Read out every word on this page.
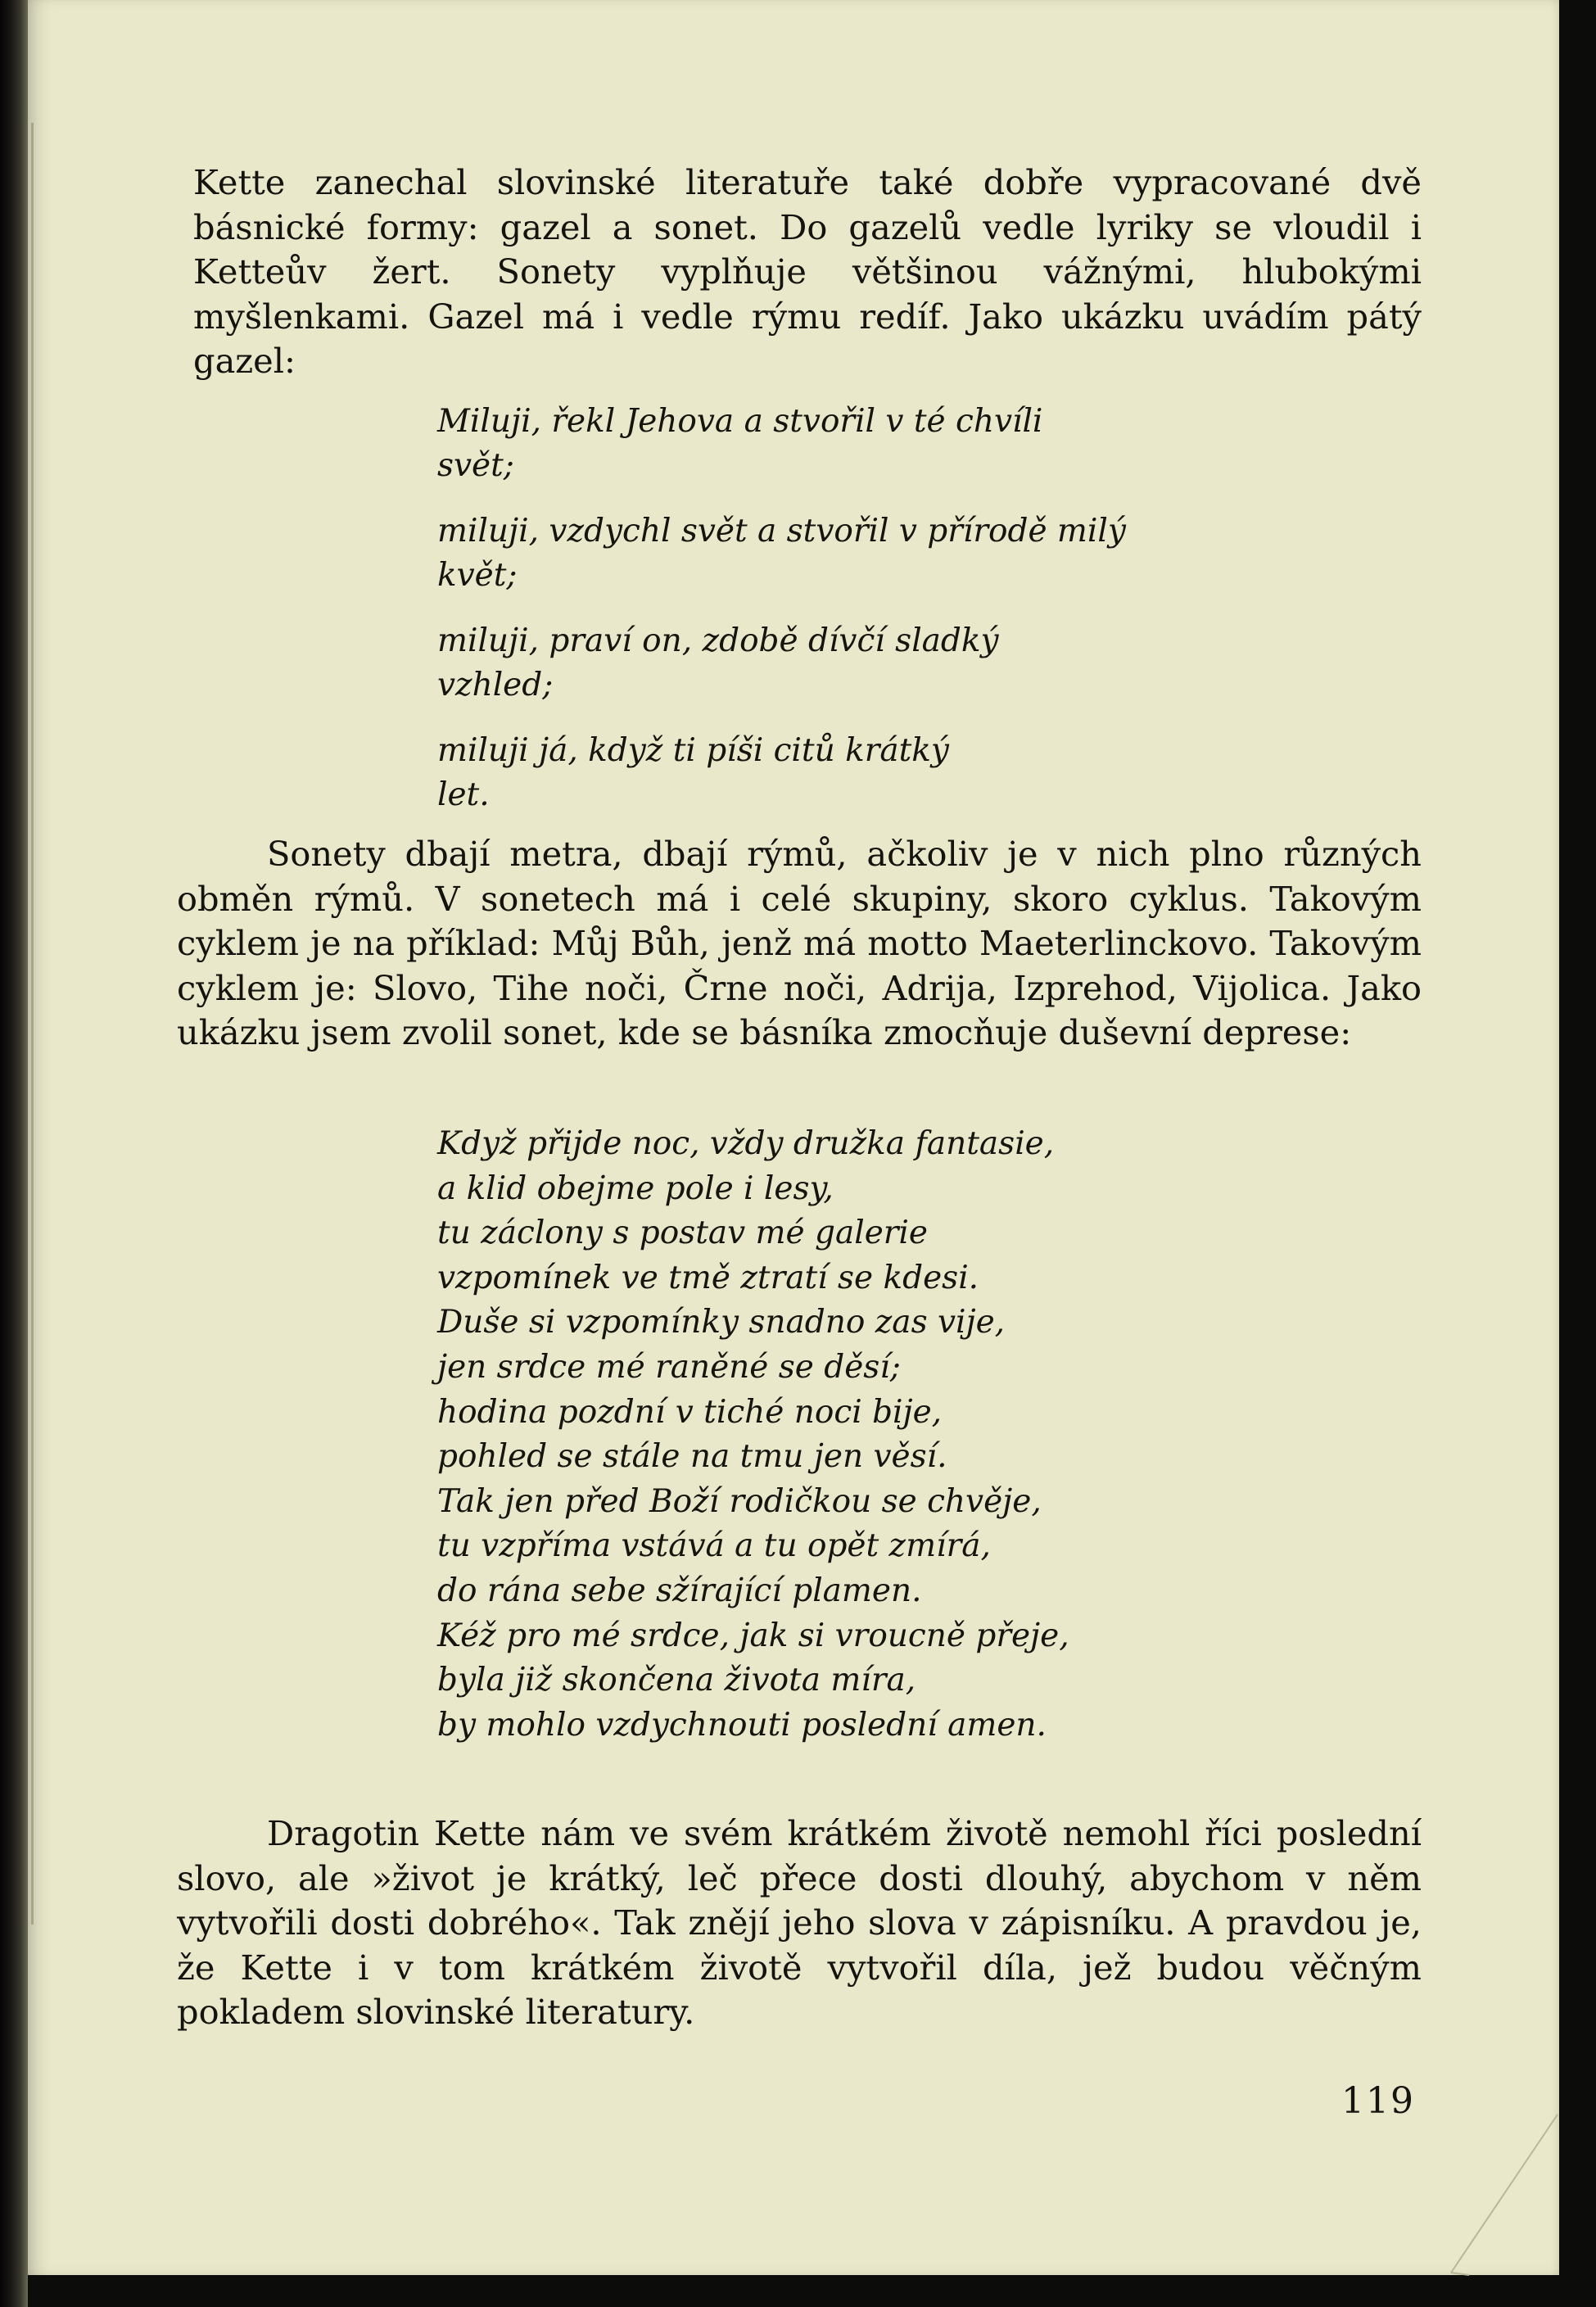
Kette zanechal slovinské literatuře také dobře vypracované dvě básnické formy: gazel a sonet. Do gazelů vedle lyriky se vloudil i Ketteův žert. Sonety vyplňuje většinou vážnými, hlubokými myšlenkami. Gazel má i vedle rýmu redíf. Jako ukázku uvádím pátý gazel:

Miluji, řekl Jehova a stvořil v té chvíli
svět;
miluji, vzdychl svět a stvořil v přírodě milý
květ;
miluji, praví on, zdobě dívčí sladký
vzhled;
miluji já, když ti píši citů krátký
let.

Sonety dbají metra, dbají rýmů, ačkoliv je v nich plno různých obměn rýmů. V sonetech má i celé skupiny, skoro cyklus. Takovým cyklem je na příklad: Můj Bůh, jenž má motto Maeterlinckovo. Takovým cyklem je: Slovo, Tihe noči, Črne noči, Adrija, Izprehod, Vijolica. Jako ukázku jsem zvolil sonet, kde se básníka zmocňuje duševní deprese:

Když přijde noc, vždy družka fantasie,
a klid obejme pole i lesy,
tu záclony s postav mé galerie
vzpomínek ve tmě ztratí se kdesi.
Duše si vzpomínky snadno zas vije,
jen srdce mé raněné se děsí;
hodina pozdní v tiché noci bije,
pohled se stále na tmu jen věsí.
Tak jen před Boží rodičkou se chvěje,
tu vzpříma vstává a tu opět zmírá,
do rána sebe sžírající plamen.
Kéž pro mé srdce, jak si vroucně přeje,
byla již skončena života míra,
by mohlo vzdychnouti poslední amen.

Dragotin Kette nám ve svém krátkém životě nemohl říci poslední slovo, ale »život je krátký, leč přece dosti dlouhý, abychom v něm vytvořili dosti dobrého«. Tak znějí jeho slova v zápisníku. A pravdou je, že Kette i v tom krátkém životě vytvořil díla, jež budou věčným pokladem slovinské literatury.

119
